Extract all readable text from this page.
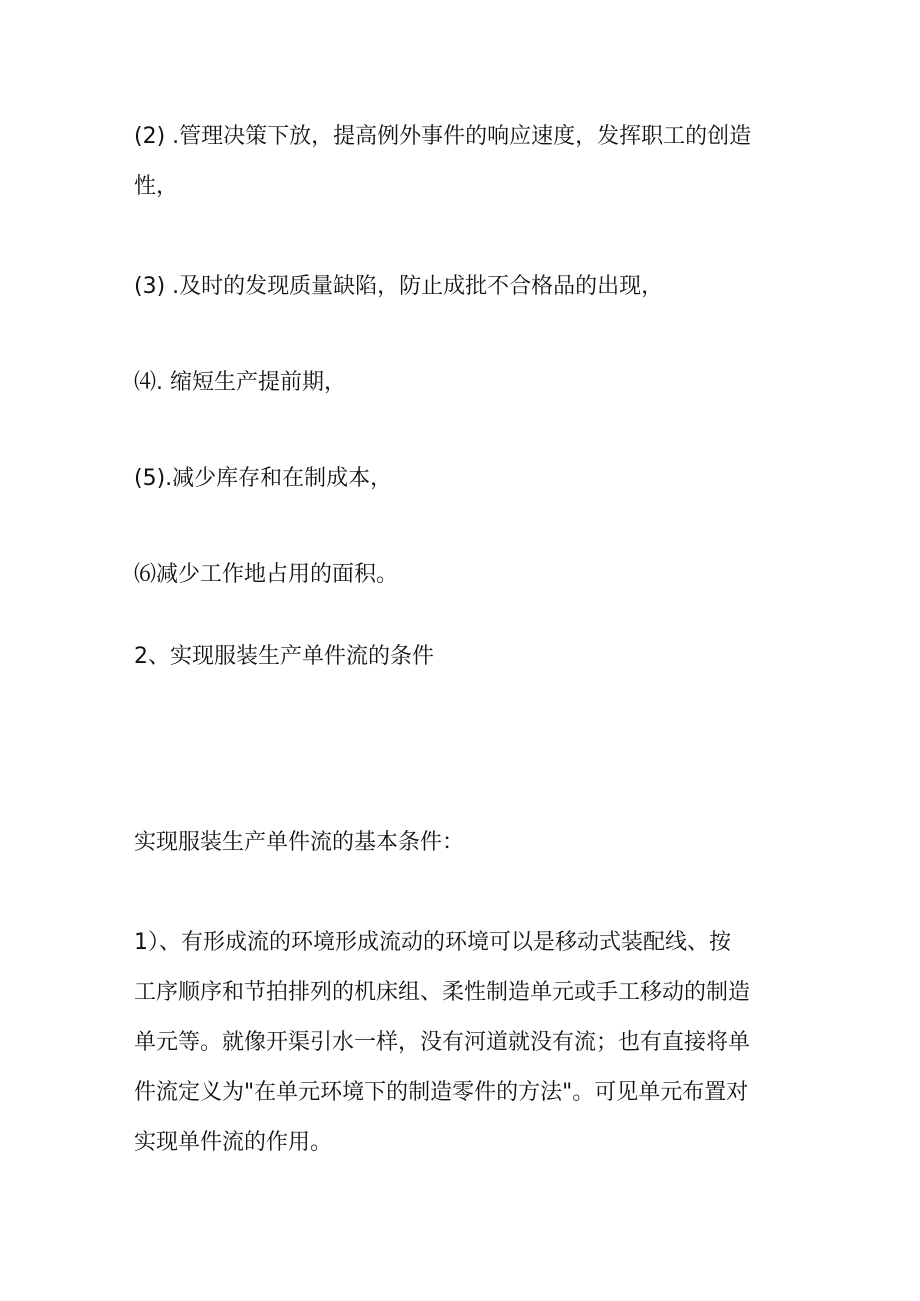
(2) .管理决策下放，提高例外事件的响应速度，发挥职工的创造
性，
(3) .及时的发现质量缺陷，防止成批不合格品的出现，
⑷. 缩短生产提前期，
(5).减少库存和在制成本，
⑹减少工作地占用的面积。
2、实现服装生产单件流的条件
实现服装生产单件流的基本条件：
1）、有形成流的环境形成流动的环境可以是移动式装配线、按
工序顺序和节拍排列的机床组、柔性制造单元或手工移动的制造
单元等。就像开渠引水一样，没有河道就没有流；也有直接将单
件流定义为"在单元环境下的制造零件的方法"。可见单元布置对
实现单件流的作用。
